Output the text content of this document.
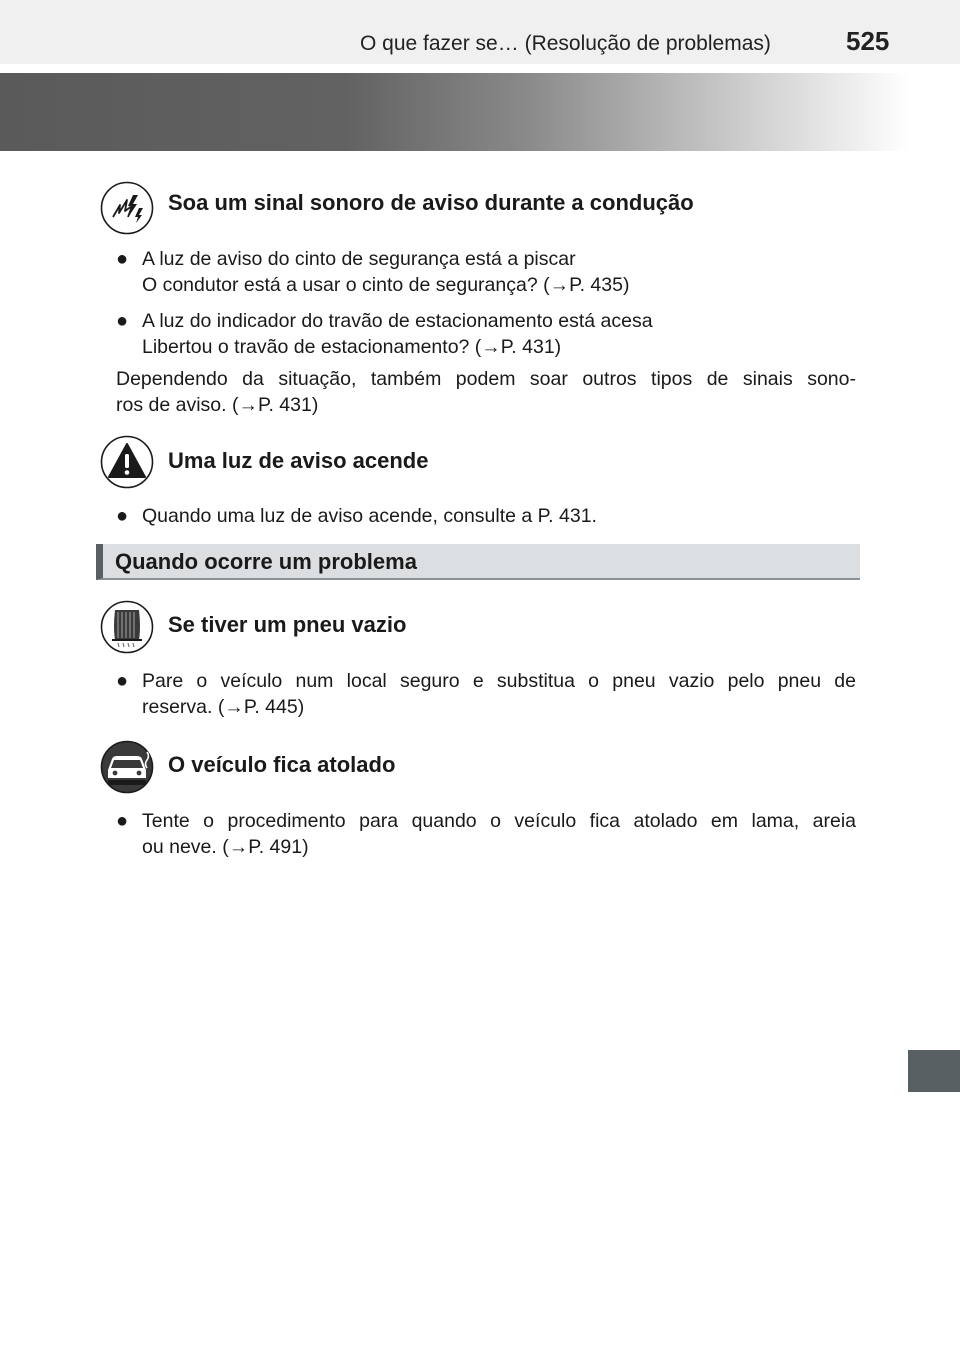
O que fazer se… (Resolução de problemas)	525
Soa um sinal sonoro de aviso durante a condução
● A luz de aviso do cinto de segurança está a piscar
O condutor está a usar o cinto de segurança? (→P. 435)
● A luz do indicador do travão de estacionamento está acesa
Libertou o travão de estacionamento? (→P. 431)
Dependendo da situação, também podem soar outros tipos de sinais sono-
ros de aviso. (→P. 431)
Uma luz de aviso acende
● Quando uma luz de aviso acende, consulte a P. 431.
Quando ocorre um problema
Se tiver um pneu vazio
● Pare o veículo num local seguro e substitua o pneu vazio pelo pneu de
reserva. (→P. 445)
O veículo fica atolado
● Tente o procedimento para quando o veículo fica atolado em lama, areia
ou neve. (→P. 491)
